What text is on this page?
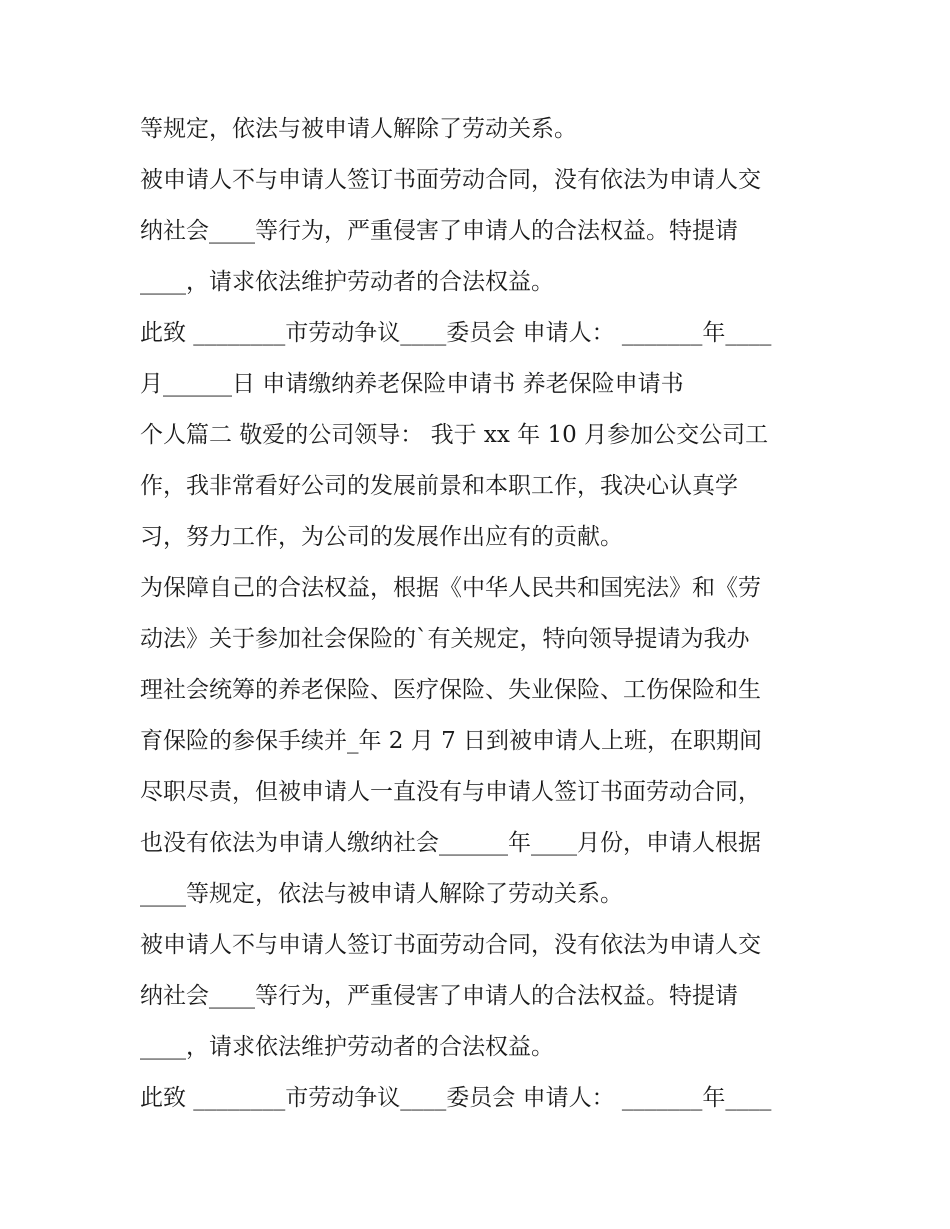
等规定，依法与被申请人解除了劳动关系。
被申请人不与申请人签订书面劳动合同，没有依法为申请人交
纳社会____等行为，严重侵害了申请人的合法权益。特提请
____，请求依法维护劳动者的合法权益。
此致 ________市劳动争议____委员会 申请人： _______年____
月______日 申请缴纳养老保险申请书 养老保险申请书
个人篇二 敬爱的公司领导： 我于 xx 年 10 月参加公交公司工
作，我非常看好公司的发展前景和本职工作，我决心认真学
习，努力工作，为公司的发展作出应有的贡献。
为保障自己的合法权益，根据《中华人民共和国宪法》和《劳
动法》关于参加社会保险的`有关规定，特向领导提请为我办
理社会统筹的养老保险、医疗保险、失业保险、工伤保险和生
育保险的参保手续并_年 2 月 7 日到被申请人上班，在职期间
尽职尽责，但被申请人一直没有与申请人签订书面劳动合同，
也没有依法为申请人缴纳社会______年____月份，申请人根据
____等规定，依法与被申请人解除了劳动关系。
被申请人不与申请人签订书面劳动合同，没有依法为申请人交
纳社会____等行为，严重侵害了申请人的合法权益。特提请
____，请求依法维护劳动者的合法权益。
此致 ________市劳动争议____委员会 申请人： _______年____
